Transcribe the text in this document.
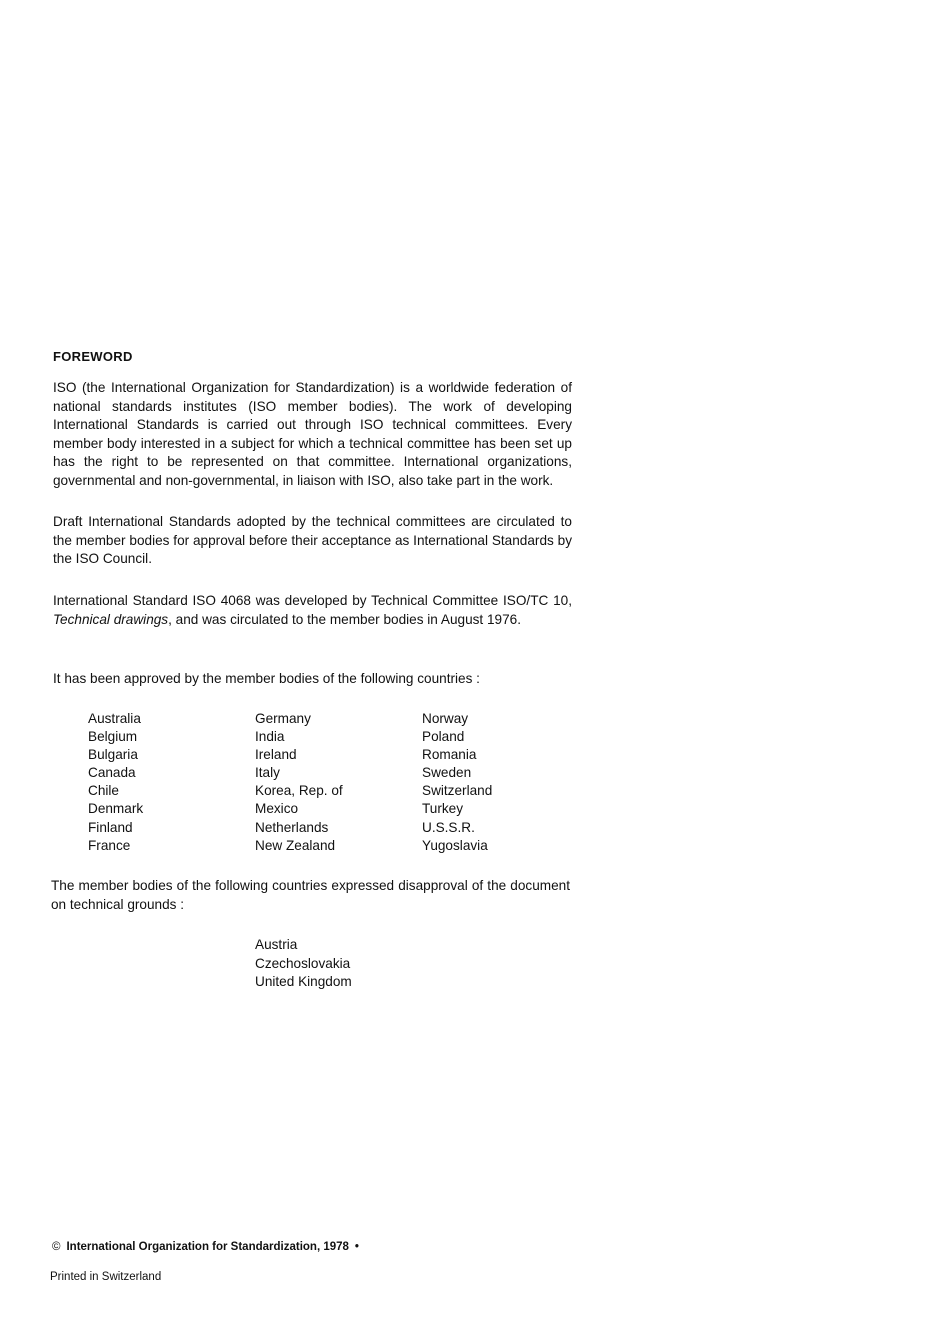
FOREWORD
ISO (the International Organization for Standardization) is a worldwide federation of national standards institutes (ISO member bodies). The work of developing International Standards is carried out through ISO technical committees. Every member body interested in a subject for which a technical committee has been set up has the right to be represented on that committee. International organizations, governmental and non-governmental, in liaison with ISO, also take part in the work.
Draft International Standards adopted by the technical committees are circulated to the member bodies for approval before their acceptance as International Standards by the ISO Council.
International Standard ISO 4068 was developed by Technical Committee ISO/TC 10, Technical drawings, and was circulated to the member bodies in August 1976.
It has been approved by the member bodies of the following countries :
Australia
Belgium
Bulgaria
Canada
Chile
Denmark
Finland
France
Germany
India
Ireland
Italy
Korea, Rep. of
Mexico
Netherlands
New Zealand
Norway
Poland
Romania
Sweden
Switzerland
Turkey
U.S.S.R.
Yugoslavia
The member bodies of the following countries expressed disapproval of the document on technical grounds :
Austria
Czechoslovakia
United Kingdom
© International Organization for Standardization, 1978 •
Printed in Switzerland
